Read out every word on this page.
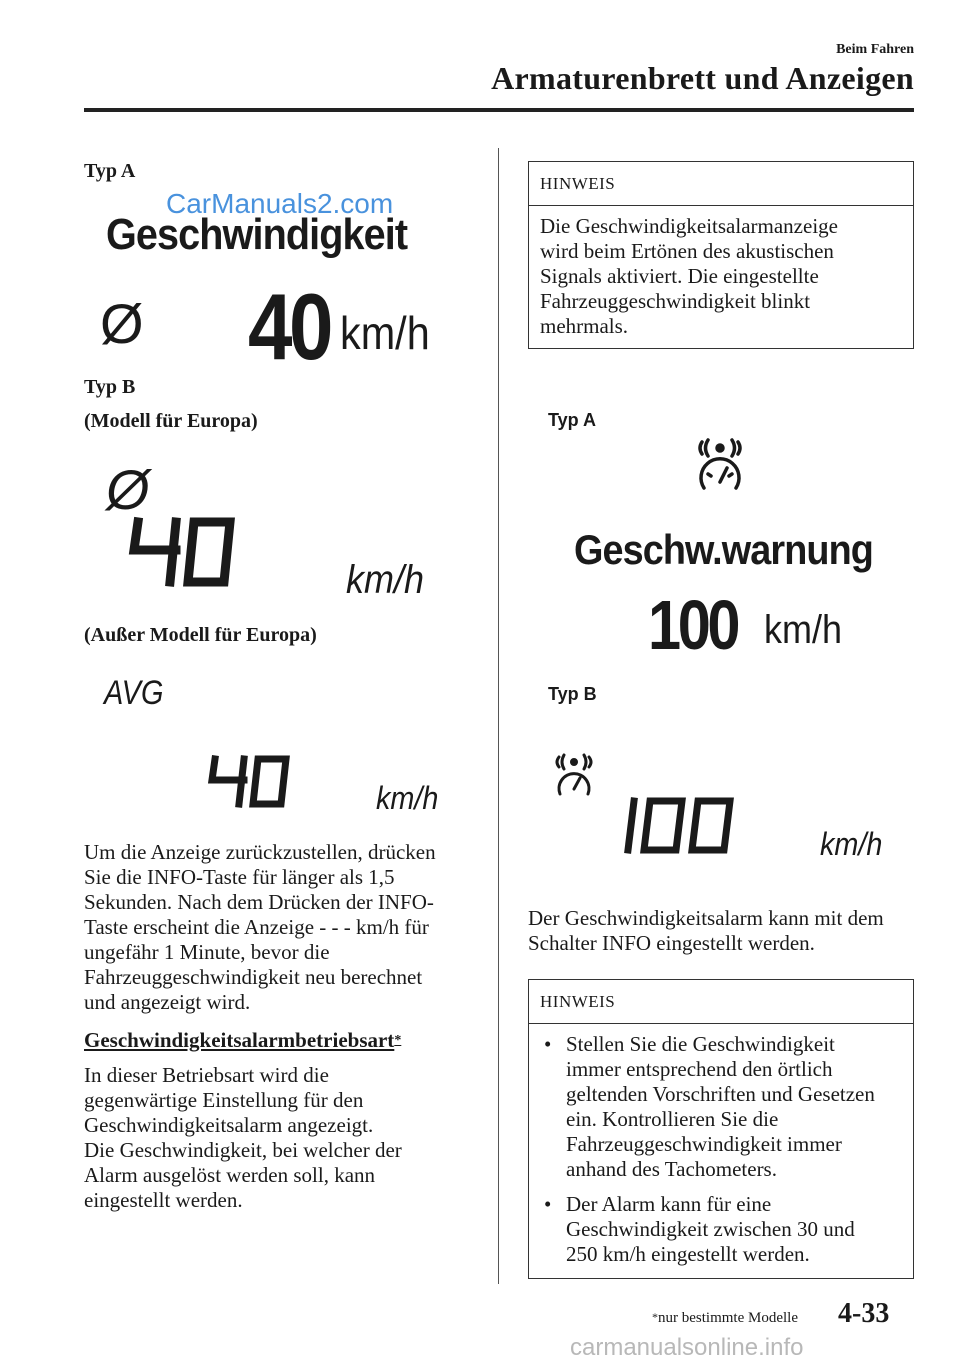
Beim Fahren
Armaturenbrett und Anzeigen
Typ A
CarManuals2.com
Geschwindigkeit
Ø 40 km/h
Typ B
(Modell für Europa)
Ø
km/h
(Außer Modell für Europa)
AVG
km/h
Um die Anzeige zurückzustellen, drücken
Sie die INFO-Taste für länger als 1,5
Sekunden. Nach dem Drücken der INFO-
Taste erscheint die Anzeige - - - km/h für
ungefähr 1 Minute, bevor die
Fahrzeuggeschwindigkeit neu berechnet
und angezeigt wird.
Geschwindigkeitsalarmbetriebsart*
In dieser Betriebsart wird die
gegenwärtige Einstellung für den
Geschwindigkeitsalarm angezeigt.
Die Geschwindigkeit, bei welcher der
Alarm ausgelöst werden soll, kann
eingestellt werden.
HINWEIS
Die Geschwindigkeitsalarmanzeige
wird beim Ertönen des akustischen
Signals aktiviert. Die eingestellte
Fahrzeuggeschwindigkeit blinkt
mehrmals.
Typ A
Geschw.warnung
100 km/h
Typ B
km/h
Der Geschwindigkeitsalarm kann mit dem
Schalter INFO eingestellt werden.
HINWEIS
• Stellen Sie die Geschwindigkeit
immer entsprechend den örtlich
geltenden Vorschriften und Gesetzen
ein. Kontrollieren Sie die
Fahrzeuggeschwindigkeit immer
anhand des Tachometers.
• Der Alarm kann für eine
Geschwindigkeit zwischen 30 und
250 km/h eingestellt werden.
*nur bestimmte Modelle 4-33
carmanualsonline.info
